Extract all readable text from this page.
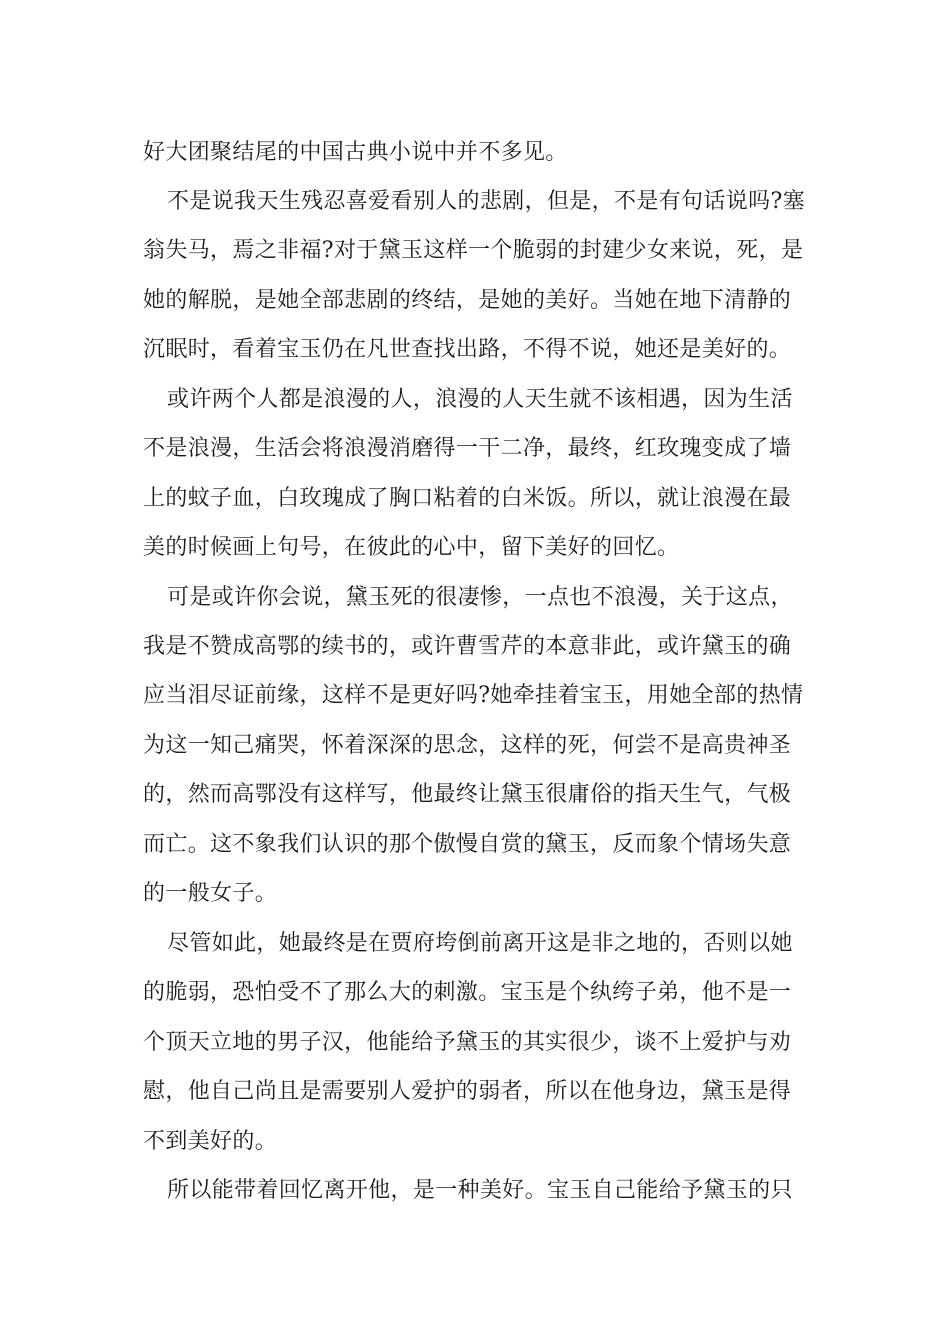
好大团聚结尾的中国古典小说中并不多见。
不是说我天生残忍喜爱看别人的悲剧，但是，不是有句话说吗?塞
翁失马，焉之非福?对于黛玉这样一个脆弱的封建少女来说，死，是
她的解脱，是她全部悲剧的终结，是她的美好。当她在地下清静的
沉眠时，看着宝玉仍在凡世查找出路，不得不说，她还是美好的。
或许两个人都是浪漫的人，浪漫的人天生就不该相遇，因为生活
不是浪漫，生活会将浪漫消磨得一干二净，最终，红玫瑰变成了墙
上的蚊子血，白玫瑰成了胸口粘着的白米饭。所以，就让浪漫在最
美的时候画上句号，在彼此的心中，留下美好的回忆。
可是或许你会说，黛玉死的很凄惨，一点也不浪漫，关于这点，
我是不赞成高鄂的续书的，或许曹雪芹的本意非此，或许黛玉的确
应当泪尽证前缘，这样不是更好吗?她牵挂着宝玉，用她全部的热情
为这一知己痛哭，怀着深深的思念，这样的死，何尝不是高贵神圣
的，然而高鄂没有这样写，他最终让黛玉很庸俗的指天生气，气极
而亡。这不象我们认识的那个傲慢自赏的黛玉，反而象个情场失意
的一般女子。
尽管如此，她最终是在贾府垮倒前离开这是非之地的，否则以她
的脆弱，恐怕受不了那么大的刺激。宝玉是个纨绔子弟，他不是一
个顶天立地的男子汉，他能给予黛玉的其实很少，谈不上爱护与劝
慰，他自己尚且是需要别人爱护的弱者，所以在他身边，黛玉是得
不到美好的。
所以能带着回忆离开他，是一种美好。宝玉自己能给予黛玉的只
